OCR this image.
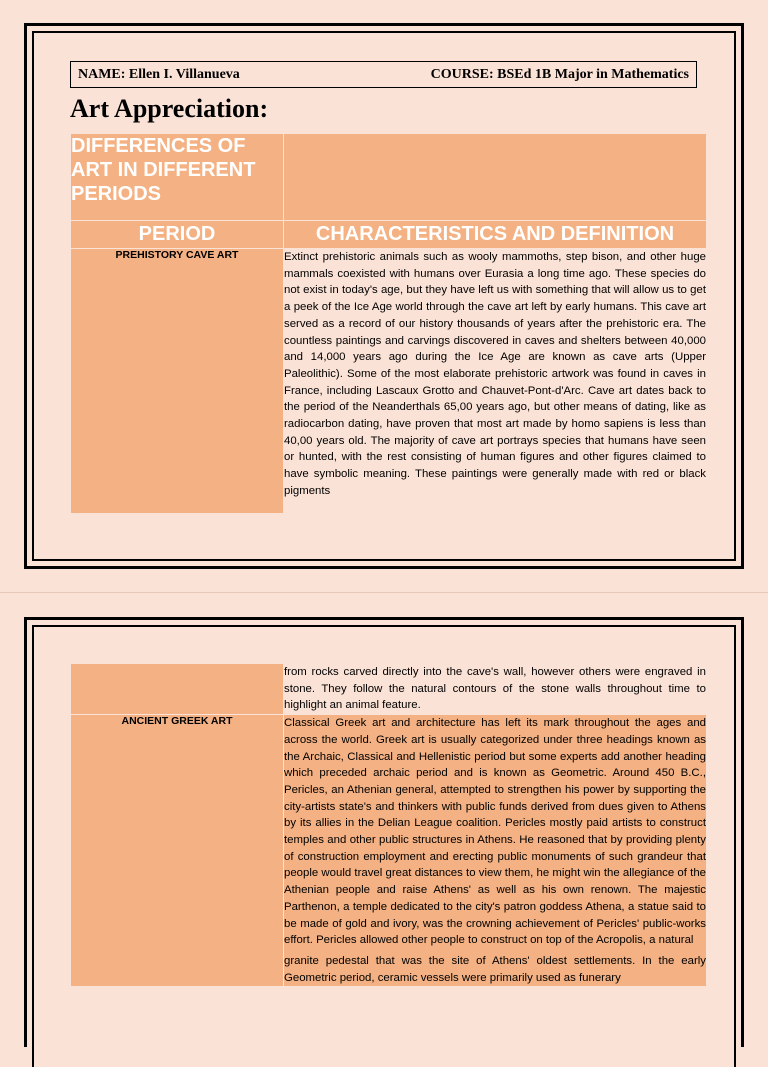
NAME: Ellen I. Villanueva	COURSE: BSEd 1B Major in Mathematics
Art Appreciation:
DIFFERENCES OF ART IN DIFFERENT PERIODS	
PERIOD	CHARACTERISTICS AND DEFINITION
PREHISTORY CAVE ART	Extinct prehistoric animals such as wooly mammoths, step bison, and other huge mammals coexisted with humans over Eurasia a long time ago. These species do not exist in today's age, but they have left us with something that will allow us to get a peek of the Ice Age world through the cave art left by early humans. This cave art served as a record of our history thousands of years after the prehistoric era. The countless paintings and carvings discovered in caves and shelters between 40,000 and 14,000 years ago during the Ice Age are known as cave arts (Upper Paleolithic). Some of the most elaborate prehistoric artwork was found in caves in France, including Lascaux Grotto and Chauvet-Pont-d'Arc. Cave art dates back to the period of the Neanderthals 65,00 years ago, but other means of dating, like as radiocarbon dating, have proven that most art made by homo sapiens is less than 40,00 years old. The majority of cave art portrays species that humans have seen or hunted, with the rest consisting of human figures and other figures claimed to have symbolic meaning. These paintings were generally made with red or black pigments
	from rocks carved directly into the cave's wall, however others were engraved in stone. They follow the natural contours of the stone walls throughout time to highlight an animal feature.
ANCIENT GREEK ART	Classical Greek art and architecture has left its mark throughout the ages and across the world. Greek art is usually categorized under three headings known as the Archaic, Classical and Hellenistic period but some experts add another heading which preceded archaic period and is known as Geometric. Around 450 B.C., Pericles, an Athenian general, attempted to strengthen his power by supporting the city-artists state's and thinkers with public funds derived from dues given to Athens by its allies in the Delian League coalition. Pericles mostly paid artists to construct temples and other public structures in Athens. He reasoned that by providing plenty of construction employment and erecting public monuments of such grandeur that people would travel great distances to view them, he might win the allegiance of the Athenian people and raise Athens' as well as his own renown. The majestic Parthenon, a temple dedicated to the city's patron goddess Athena, a statue said to be made of gold and ivory, was the crowning achievement of Pericles' public-works effort. Pericles allowed other people to construct on top of the Acropolis, a natural

granite pedestal that was the site of Athens' oldest settlements. In the early Geometric period, ceramic vessels were primarily used as funerary
